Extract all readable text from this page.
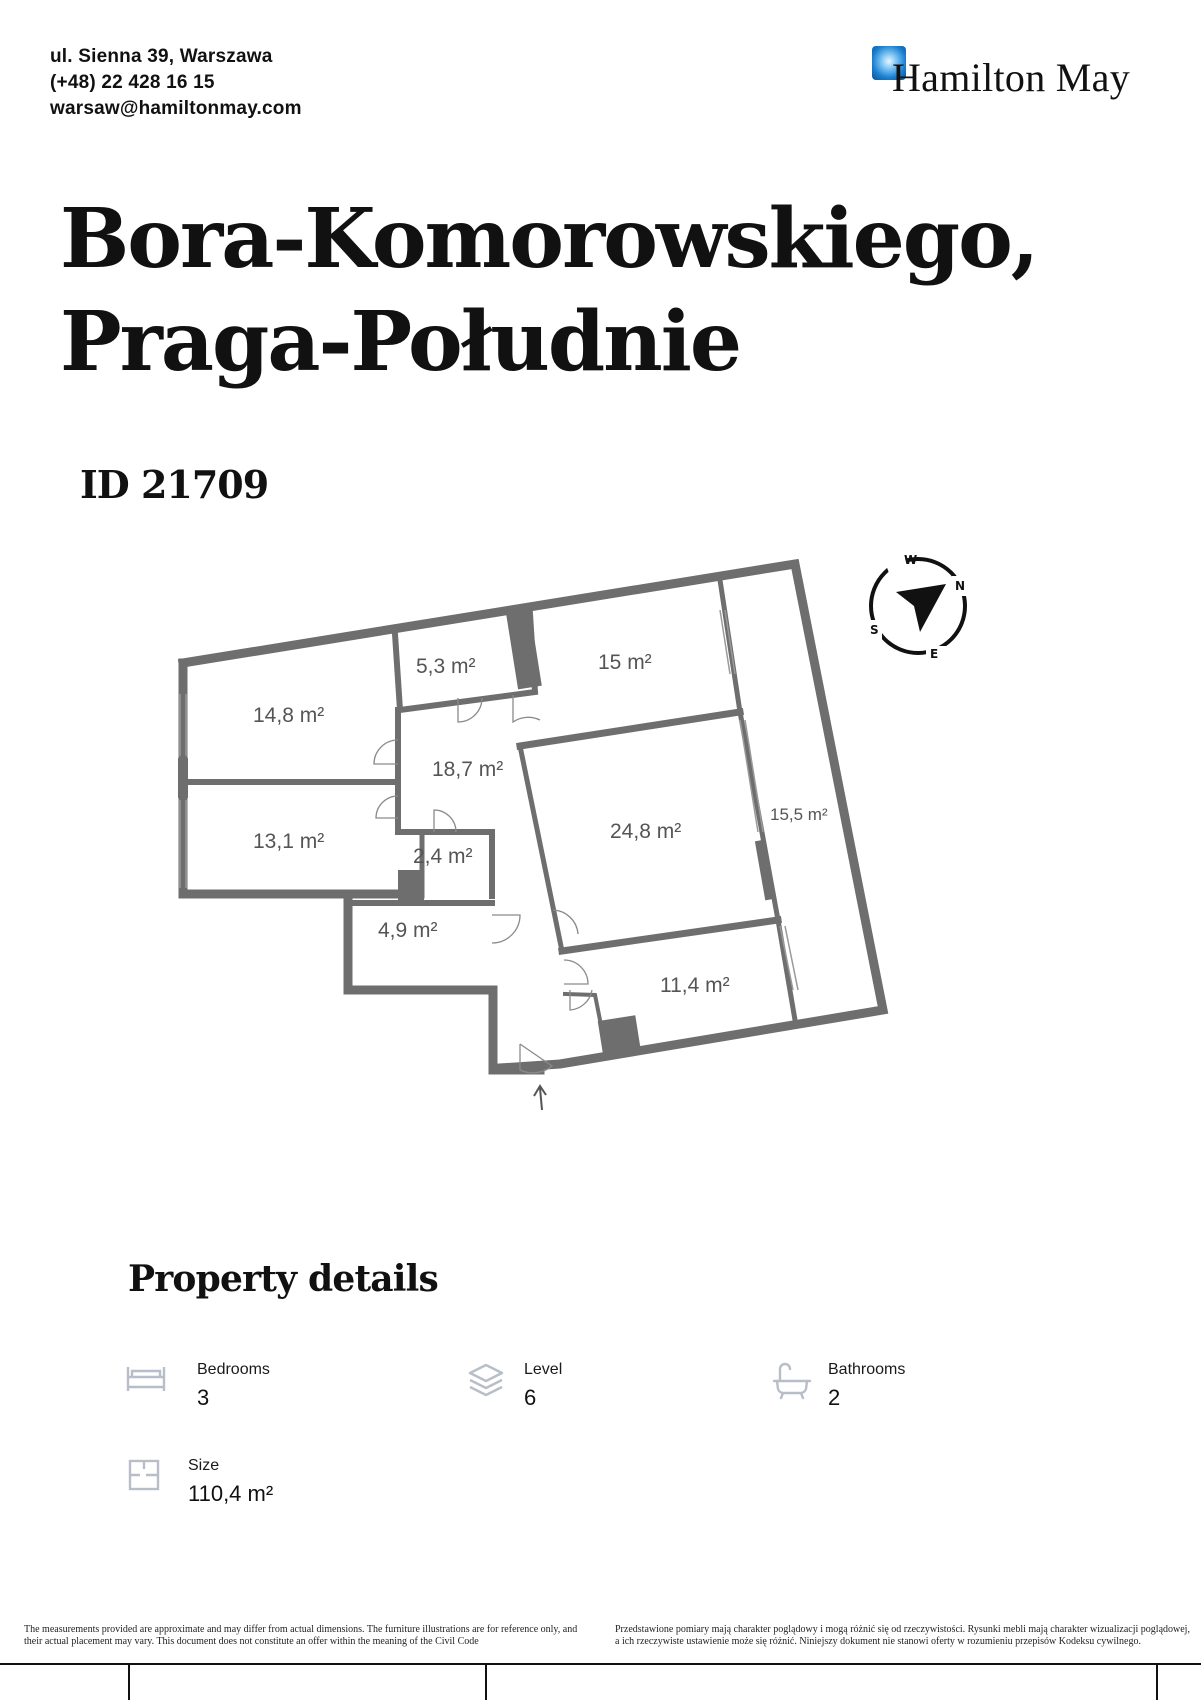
ul. Sienna 39, Warszawa
(+48) 22 428 16 15
warsaw@hamiltonmay.com
Hamilton May
Bora-Komorowskiego,
Praga-Południe
ID 21709
14,8 m²
5,3 m²	15 m²
18,7 m²
13,1 m²
2,4 m²
24,8 m²
15,5 m²
4,9 m²
11,4 m²
W
N
S
E
Property details
Bedrooms
3
Level
6
Bathrooms
2
Size
110,4 m²
The measurements provided are approximate and may differ from actual dimensions. The furniture illustrations are for reference only, and their actual placement may vary. This document does not constitute an offer within the meaning of the Civil Code
Przedstawione pomiary mają charakter poglądowy i mogą różnić się od rzeczywistości. Rysunki mebli mają charakter wizualizacji poglądowej, a ich rzeczywiste ustawienie może się różnić. Niniejszy dokument nie stanowi oferty w rozumieniu przepisów Kodeksu cywilnego.
